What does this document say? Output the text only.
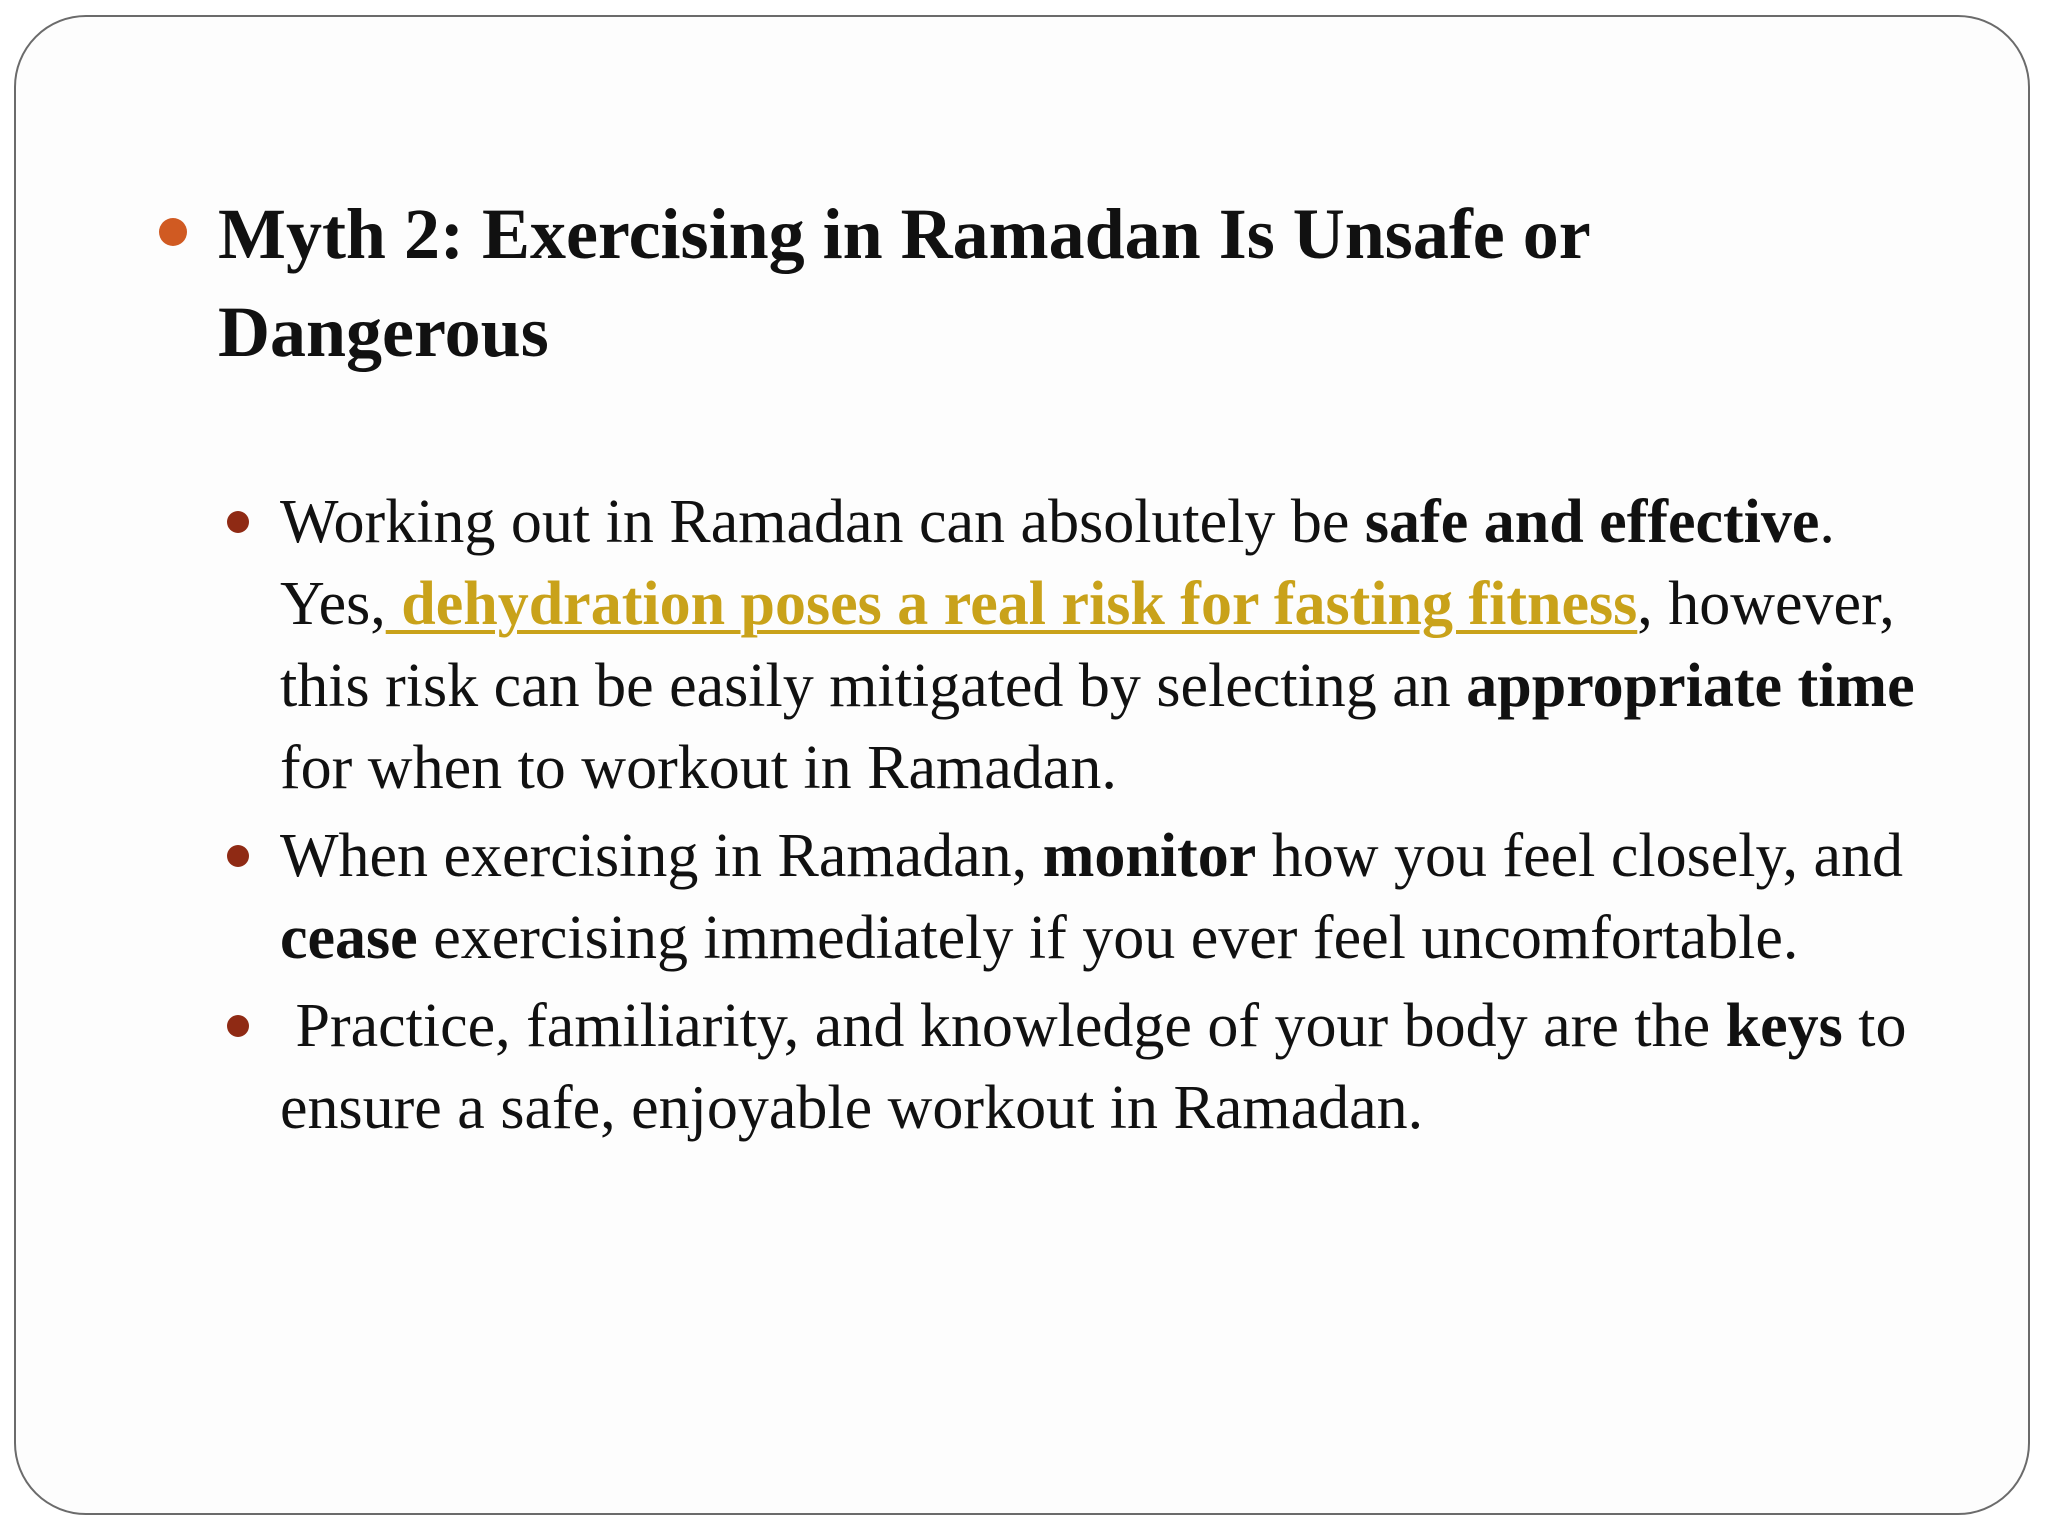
Myth 2: Exercising in Ramadan Is Unsafe or Dangerous
Working out in Ramadan can absolutely be safe and effective. Yes, dehydration poses a real risk for fasting fitness, however, this risk can be easily mitigated by selecting an appropriate time for when to workout in Ramadan.
When exercising in Ramadan, monitor how you feel closely, and cease exercising immediately if you ever feel uncomfortable.
Practice, familiarity, and knowledge of your body are the keys to ensure a safe, enjoyable workout in Ramadan.
